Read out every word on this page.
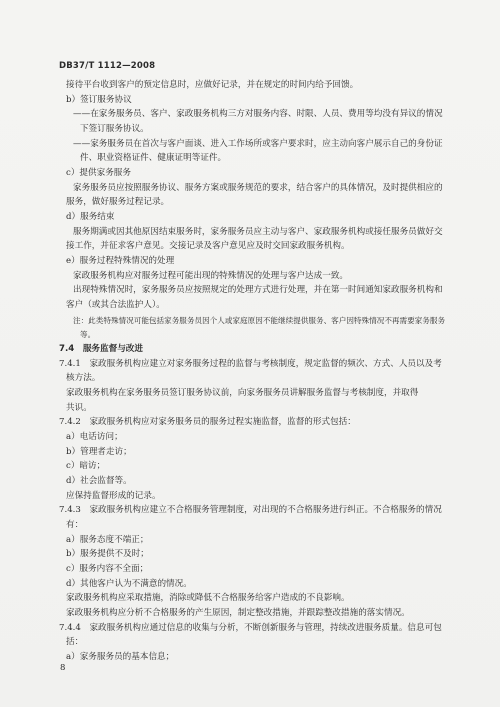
DB37/T 1112—2008
接待平台收到客户的预定信息时，应做好记录，并在规定的时间内给予回馈。
b）签订服务协议
——在家务服务员、客户、家政服务机构三方对服务内容、时限、人员、费用等均没有异议的情况
下签订服务协议。
——家务服务员在首次与客户面谈、进入工作场所或客户要求时，应主动向客户展示自己的身份证
件、职业资格证件、健康证明等证件。
c）提供家务服务
家务服务员应按照服务协议、服务方案或服务规范的要求，结合客户的具体情况，及时提供相应的
服务，做好服务过程记录。
d）服务结束
服务期满或因其他原因结束服务时，家务服务员应主动与客户、家政服务机构或接任服务员做好交
接工作，并征求客户意见。交接记录及客户意见应及时交回家政服务机构。
e）服务过程特殊情况的处理
家政服务机构应对服务过程可能出现的特殊情况的处理与客户达成一致。
出现特殊情况时，家务服务员应按照规定的处理方式进行处理，并在第一时间通知家政服务机构和
客户（或其合法监护人）。
注：此类特殊情况可能包括家务服务员因个人或家庭原因不能继续提供服务、客户因特殊情况不再需要家务服务
等。
7.4　服务监督与改进
7.4.1　家政服务机构应建立对家务服务过程的监督与考核制度，规定监督的频次、方式、人员以及考
核方法。
家政服务机构在家务服务员签订服务协议前，向家务服务员讲解服务监督与考核制度，并取得
共识。
7.4.2　家政服务机构应对家务服务员的服务过程实施监督，监督的形式包括：
a）电话访问；
b）管理者走访；
c）暗访；
d）社会监督等。
应保持监督形成的记录。
7.4.3　家政服务机构应建立不合格服务管理制度，对出现的不合格服务进行纠正。不合格服务的情况
有：
a）服务态度不端正；
b）服务提供不及时；
c）服务内容不全面；
d）其他客户认为不满意的情况。
家政服务机构应采取措施，消除或降低不合格服务给客户造成的不良影响。
家政服务机构应分析不合格服务的产生原因，制定整改措施，并跟踪整改措施的落实情况。
7.4.4　家政服务机构应通过信息的收集与分析，不断创新服务与管理，持续改进服务质量。信息可包
括：
a）家务服务员的基本信息；
8
